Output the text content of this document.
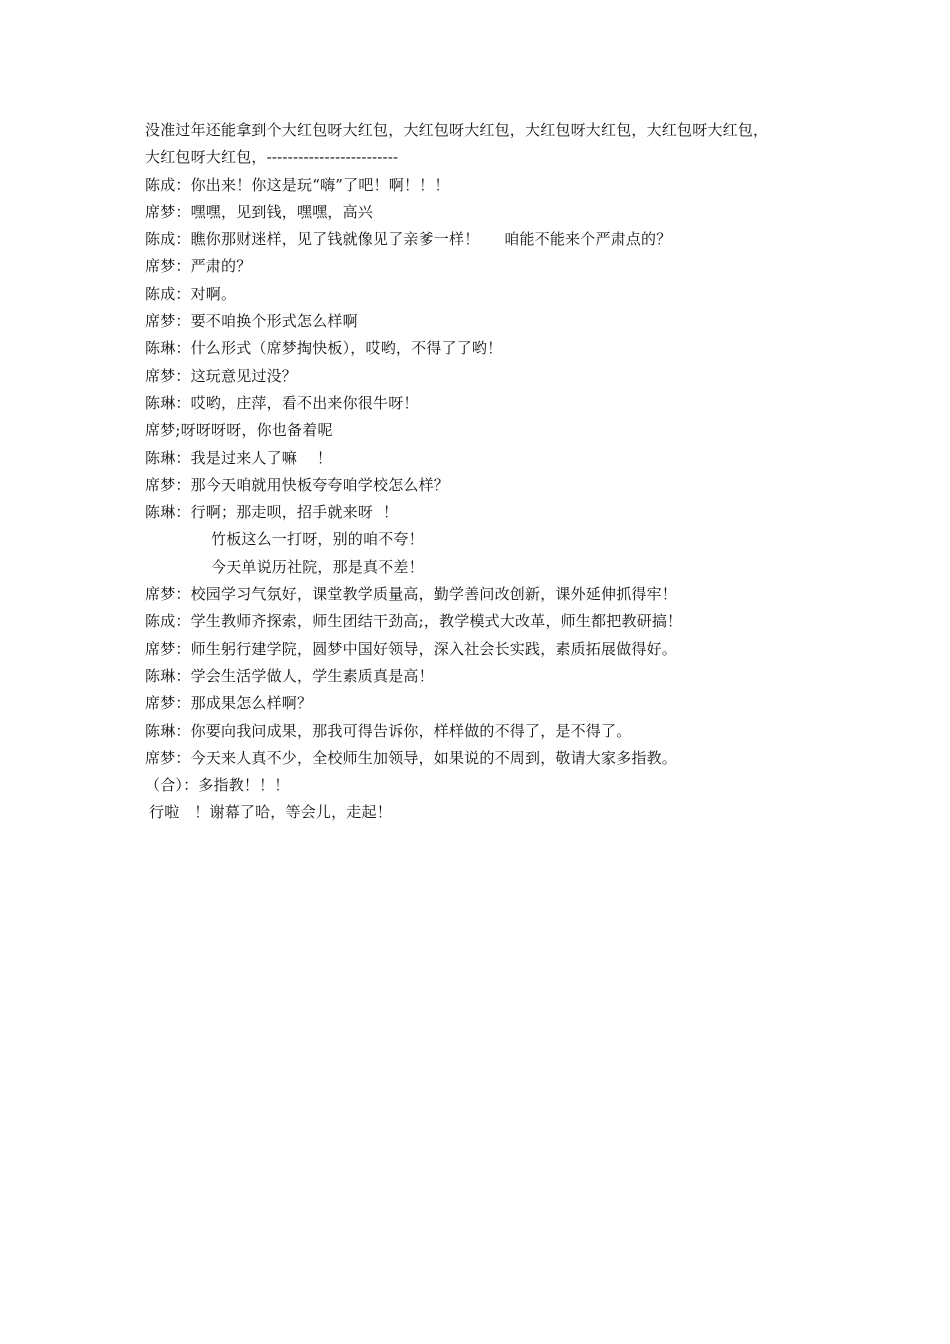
没准过年还能拿到个大红包呀大红包，大红包呀大红包，大红包呀大红包，大红包呀大红包，
大红包呀大红包，-------------------------
陈成：你出来！你这是玩“嗨”了吧！啊！！！
席梦：嘿嘿，见到钱，嘿嘿，高兴
陈成：瞧你那财迷样，见了钱就像见了亲爹一样！     咱能不能来个严肃点的？
席梦：严肃的？
陈成：对啊。
席梦：要不咱换个形式怎么样啊
陈琳：什么形式（席梦掏快板），哎哟，不得了了哟！
席梦：这玩意见过没？
陈琳：哎哟，庄萍，看不出来你很牛呀！
席梦;呀呀呀呀，你也备着呢
陈琳：我是过来人了嘛    ！
席梦：那今天咱就用快板夸夸咱学校怎么样？
陈琳：行啊；那走呗，招手就来呀  ！
竹板这么一打呀，别的咱不夸！
今天单说历社院，那是真不差！
席梦：校园学习气氛好，课堂教学质量高，勤学善问改创新，课外延伸抓得牢！
陈成：学生教师齐探索，师生团结干劲高;，教学模式大改革，师生都把教研搞！
席梦：师生躬行建学院，圆梦中国好领导，深入社会长实践，素质拓展做得好。
陈琳：学会生活学做人，学生素质真是高！
席梦：那成果怎么样啊？
陈琳：你要向我问成果，那我可得告诉你，样样做的不得了，是不得了。
席梦：今天来人真不少，全校师生加领导，如果说的不周到，敬请大家多指教。
（合）：多指教！！！
行啦   ！谢幕了哈，等会儿，走起！
